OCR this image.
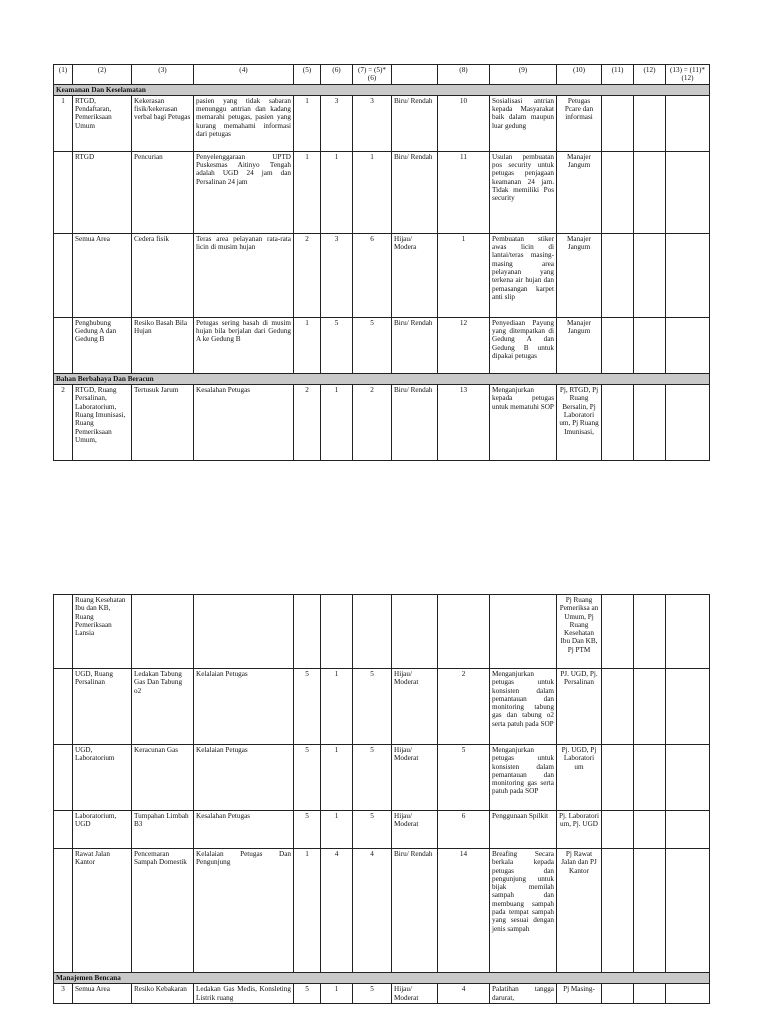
(1)	(2)	(3)	(4)	(5)	(6)	(7) = (5)* (6)		(8)	(9)	(10)	(11)	(12)	(13) = (11)* (12)
Keamanan Dan Keselamatan													
1	RTGD, Pendaftaran, Pemeriksaan Umum	Kekerasan fisik/kekerasan verbal bagi Petugas	pasien yang tidak sabaran menunggu antrian dan kadang memarahi petugas, pasien yang kurang memahami informasi dari petugas	1	3	3	Biru/ Rendah	10	Sosialisasi antrian kepada Masyarakat baik dalam maupun luar gedung	Petugas Pcare dan informasi			
	RTGD	Pencurian	Penyelenggaraan UPTD Puskesmas Aitinyo Tengah adalah UGD 24 jam dan Persalinan 24 jam	1	1	1	Biru/ Rendah	11	Usulan pembuatan pos security untuk petugas penjagaan keamanan 24 jam. Tidak memiliki Pos security	Manajer Jangum			
	Semua Area	Cedera fisik	Teras area pelayanan rata-rata licin di musim hujan	2	3	6	Hijau/ Modera	1	Pembuatan stiker awas licin di lantai/teras masing-masing area pelayanan yang terkena air hujan dan pemasangan karpet anti slip	Manajer Jangum			
	Penghubung Gedung A dan Gedung B	Resiko Basah Bila Hujan	Petugas sering basah di musim hujan bila berjalan dari Gedung A ke Gedung B	1	5	5	Biru/ Rendah	12	Penyediaan Payung yang ditempatkan di Gedung A dan Gedung B untuk dipakai petugas	Manajer Jangum			
Bahan Berbahaya Dan Beracun													
2	RTGD, Ruang Persalinan, Laboratorium, Ruang Imunisasi, Ruang Pemeriksaan Umum,	Tertusuk Jarum	Kesalahan Petugas	2	1	2	Biru/ Rendah	13	Menganjurkan kepada petugas untuk mematuhi SOP	Pj, RTGD, Pj Ruang Bersalin, Pj Laboratori um, Pj Ruang Imunisasi,			
	Ruang Kesehatan Ibu dan KB, Ruang Pemeriksaan Lansia									Pj Ruang Pemeriksa an Umum, Pj Ruang Kesehatan Ibu Dan KB, Pj PTM			
	UGD, Ruang Persalinan	Ledakan Tabung Gas Dan Tabung o2	Kelalaian Petugas	5	1	5	Hijau/ Moderat	2	Menganjurkan petugas untuk konsisten dalam pemantauan dan monitoring tabung gas dan tabung o2 serta patuh pada SOP	PJ. UGD, Pj. Persalinan			
	UGD, Laboratorium	Keracunan Gas	Kelalaian Petugas	5	1	5	Hijau/ Moderat	5	Menganjurkan petugas untuk konsisten dalam pemantauan dan monitoring gas serta patuh pada SOP	Pj. UGD, Pj Laboratori um			
	Laboratorium, UGD	Tumpahan Limbah B3	Kesalahan Petugas	5	1	5	Hijau/ Moderat	6	Penggunaan Spilkit	Pj. Laboratori um, Pj. UGD			
	Rawat Jalan Kantor	Pencemaran Sampah Domestik	Kelalaian Petugas Dan Pengunjung	1	4	4	Biru/ Rendah	14	Breafing Secara berkala kepada petugas dan pengunjung untuk bijak memilah sampah dan membuang sampah pada tempat sampah yang sesuai dengan jenis sampah	Pj Rawat Jalan dan PJ Kantor			
Manajemen Bencana													
3	Semua Area	Resiko Kebakaran	Ledakan Gas Medis, Konsleting Listrik ruang	5	1	5	Hijau/ Moderat	4	Palatihan tangga darurat,	Pj Masing-			
